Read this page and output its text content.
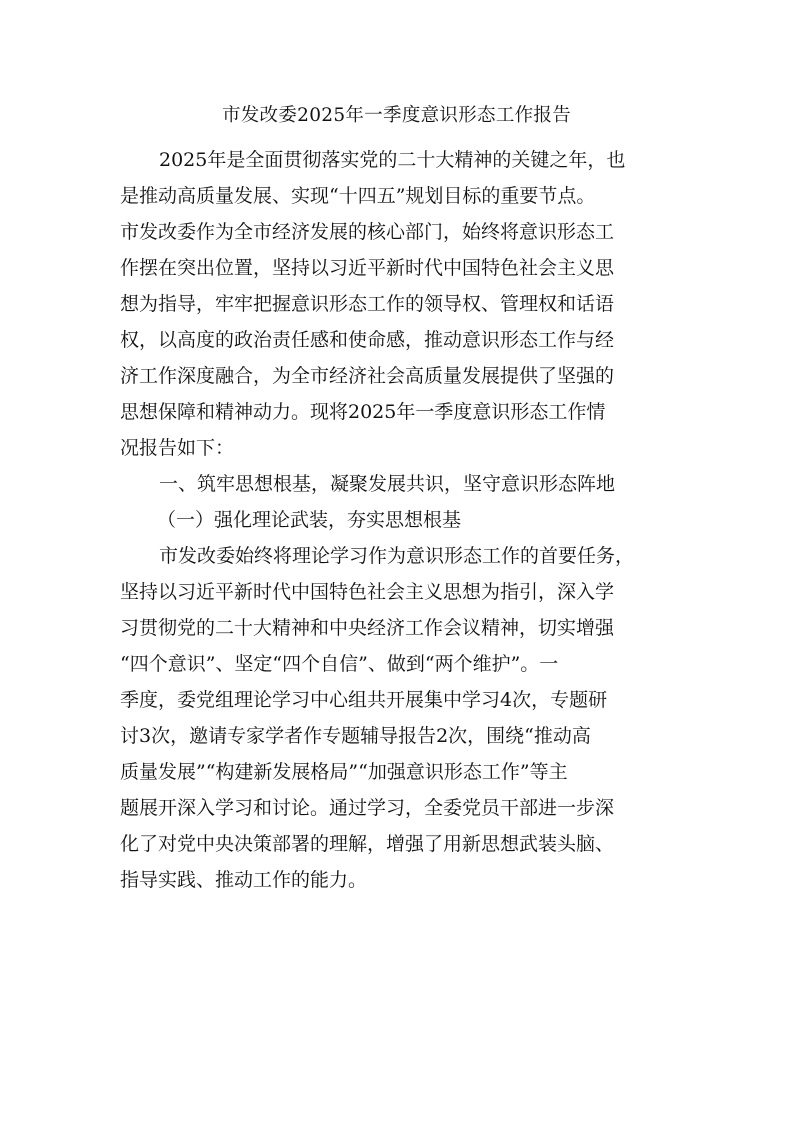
市发改委2025年一季度意识形态工作报告
2025年是全面贯彻落实党的二十大精神的关键之年，也
是推动高质量发展、实现“十四五”规划目标的重要节点。
市发改委作为全市经济发展的核心部门，始终将意识形态工
作摆在突出位置，坚持以习近平新时代中国特色社会主义思
想为指导，牢牢把握意识形态工作的领导权、管理权和话语
权，以高度的政治责任感和使命感，推动意识形态工作与经
济工作深度融合，为全市经济社会高质量发展提供了坚强的
思想保障和精神动力。现将2025年一季度意识形态工作情
况报告如下：
一、筑牢思想根基，凝聚发展共识，坚守意识形态阵地
（一）强化理论武装，夯实思想根基
市发改委始终将理论学习作为意识形态工作的首要任务，
坚持以习近平新时代中国特色社会主义思想为指引，深入学
习贯彻党的二十大精神和中央经济工作会议精神，切实增强
“四个意识”、坚定“四个自信”、做到“两个维护”。一
季度，委党组理论学习中心组共开展集中学习4次，专题研
讨3次，邀请专家学者作专题辅导报告2次，围绕“推动高
质量发展”“构建新发展格局”“加强意识形态工作”等主
题展开深入学习和讨论。通过学习，全委党员干部进一步深
化了对党中央决策部署的理解，增强了用新思想武装头脑、
指导实践、推动工作的能力。
